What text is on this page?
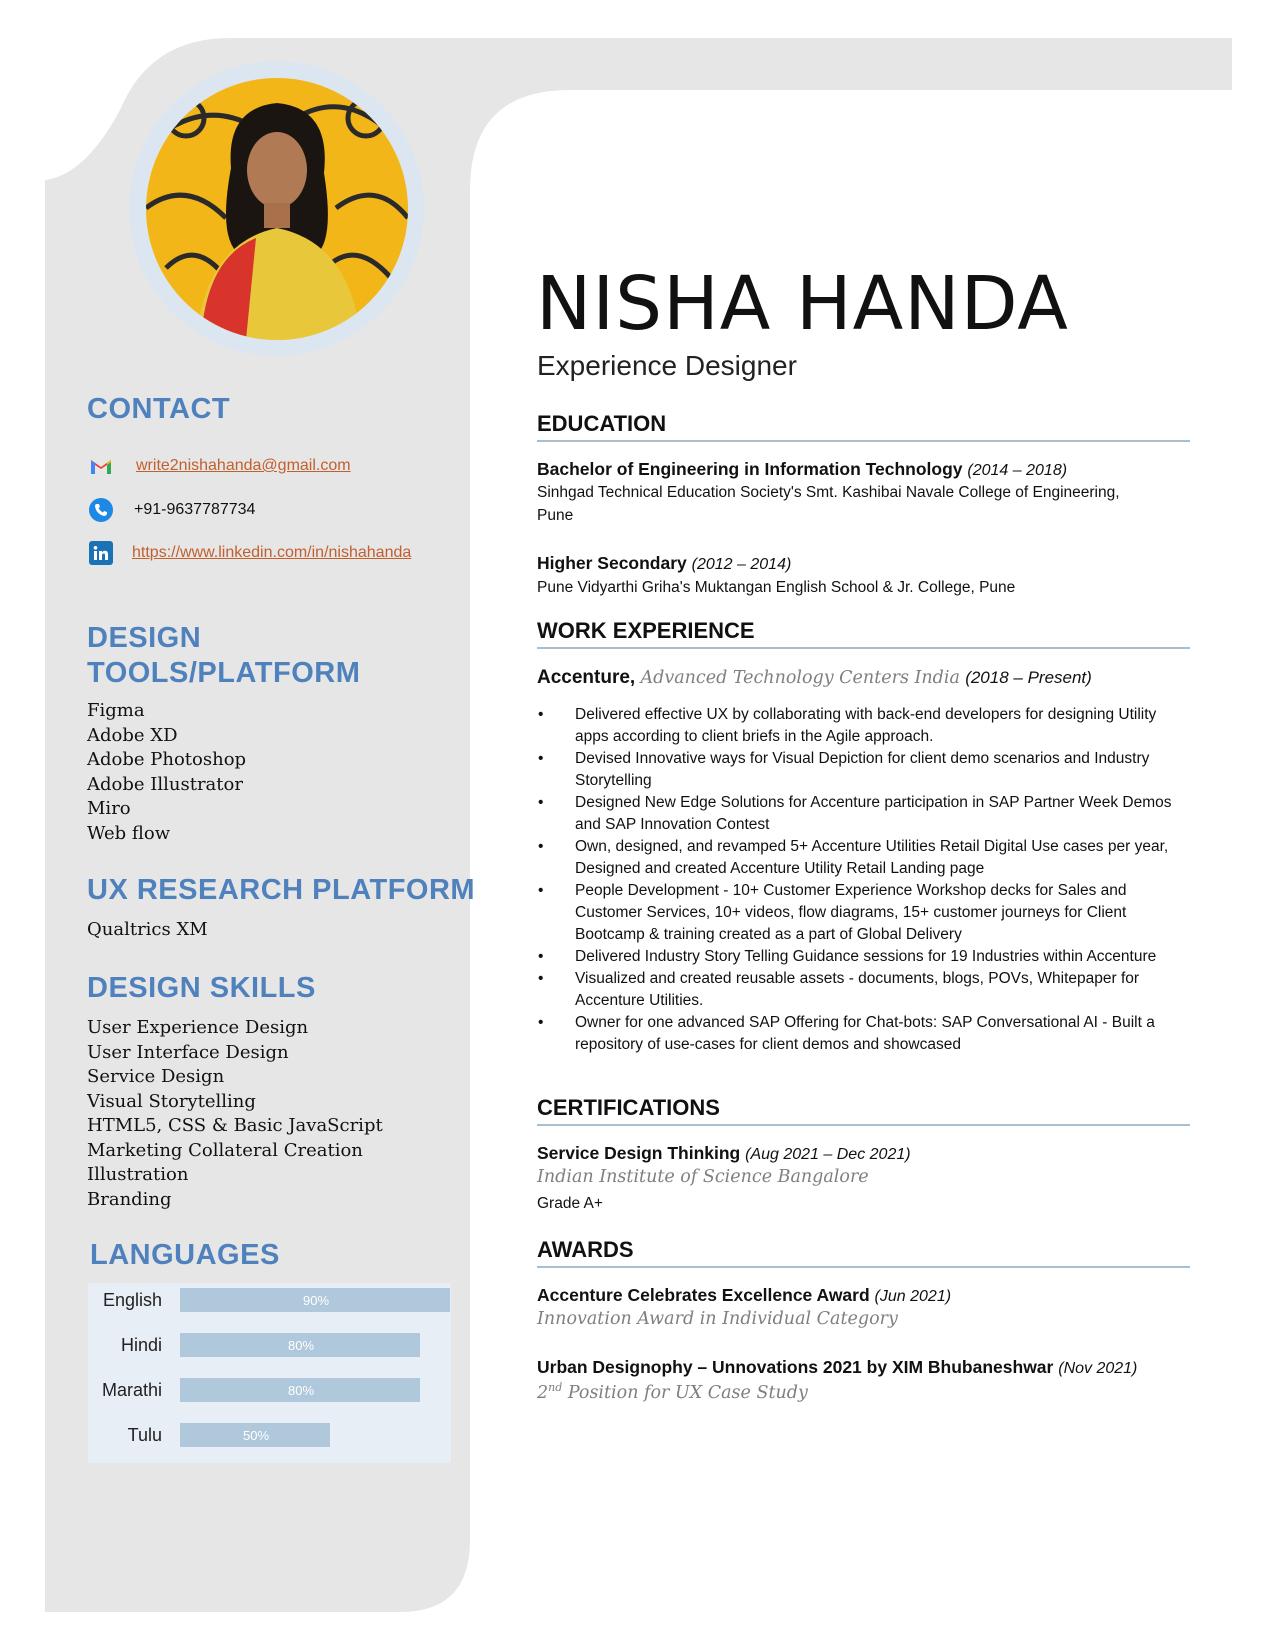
CONTACT
write2nishahanda@gmail.com
+91-9637787734
https://www.linkedin.com/in/nishahanda
DESIGN
TOOLS/PLATFORM
Figma
Adobe XD
Adobe Photoshop
Adobe Illustrator
Miro
Web flow
UX RESEARCH PLATFORM
Qualtrics XM
DESIGN SKILLS
User Experience Design
User Interface Design
Service Design
Visual Storytelling
HTML5, CSS & Basic JavaScript
Marketing Collateral Creation
Illustration
Branding
LANGUAGES
English	90%
Hindi	80%
Marathi	80%
Tulu	50%
NISHA HANDA
Experience Designer
EDUCATION
Bachelor of Engineering in Information Technology (2014 – 2018)
Sinhgad Technical Education Society's Smt. Kashibai Navale College of Engineering, Pune
Higher Secondary (2012 – 2014)
Pune Vidyarthi Griha's Muktangan English School & Jr. College, Pune
WORK EXPERIENCE
Accenture, Advanced Technology Centers India (2018 – Present)
• Delivered effective UX by collaborating with back-end developers for designing Utility apps according to client briefs in the Agile approach.
• Devised Innovative ways for Visual Depiction for client demo scenarios and Industry Storytelling
• Designed New Edge Solutions for Accenture participation in SAP Partner Week Demos and SAP Innovation Contest
• Own, designed, and revamped 5+ Accenture Utilities Retail Digital Use cases per year, Designed and created Accenture Utility Retail Landing page
• People Development - 10+ Customer Experience Workshop decks for Sales and Customer Services, 10+ videos, flow diagrams, 15+ customer journeys for Client Bootcamp & training created as a part of Global Delivery
• Delivered Industry Story Telling Guidance sessions for 19 Industries within Accenture
• Visualized and created reusable assets - documents, blogs, POVs, Whitepaper for Accenture Utilities.
• Owner for one advanced SAP Offering for Chat-bots: SAP Conversational AI - Built a repository of use-cases for client demos and showcased
CERTIFICATIONS
Service Design Thinking (Aug 2021 – Dec 2021)
Indian Institute of Science Bangalore
Grade A+
AWARDS
Accenture Celebrates Excellence Award (Jun 2021)
Innovation Award in Individual Category
Urban Designophy – Unnovations 2021 by XIM Bhubaneshwar (Nov 2021)
2nd Position for UX Case Study
